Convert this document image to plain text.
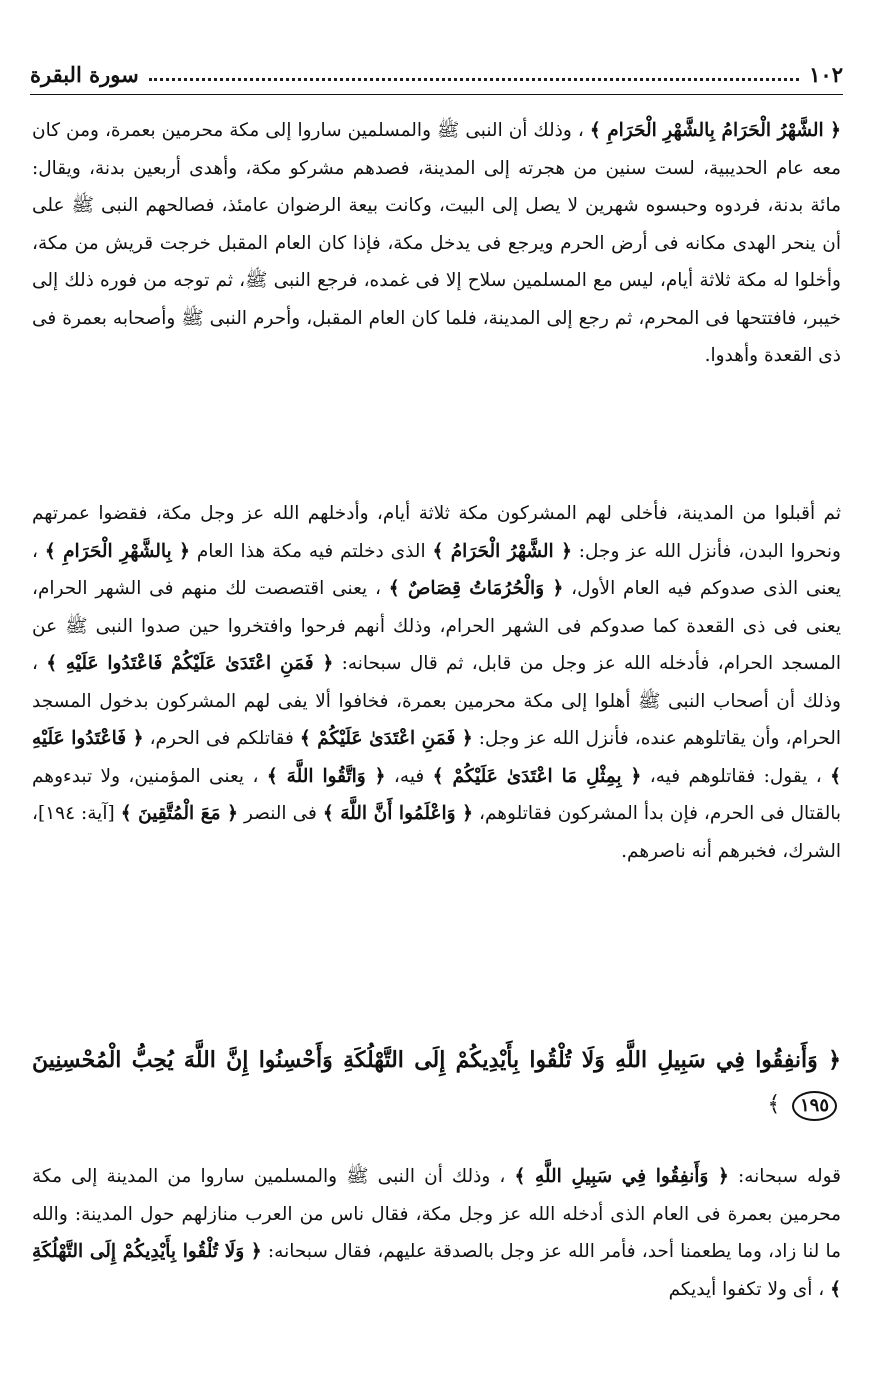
١٠٢
سورة البقرة

﴿ الشَّهْرُ الْحَرَامُ بِالشَّهْرِ الْحَرَامِ ﴾ ، وذلك أن النبى ﷺ والمسلمين ساروا إلى مكة محرمين بعمرة، ومن كان معه عام الحديبية، لست سنين من هجرته إلى المدينة، فصدهم مشركو مكة، وأهدى أربعين بدنة، ويقال: مائة بدنة، فردوه وحبسوه شهرين لا يصل إلى البيت، وكانت بيعة الرضوان عامئذ، فصالحهم النبى ﷺ على أن ينحر الهدى مكانه فى أرض الحرم ويرجع فى يدخل مكة، فإذا كان العام المقبل خرجت قريش من مكة، وأخلوا له مكة ثلاثة أيام، ليس مع المسلمين سلاح إلا فى غمده، فرجع النبى ﷺ، ثم توجه من فوره ذلك إلى خيبر، فافتتحها فى المحرم، ثم رجع إلى المدينة، فلما كان العام المقبل، وأحرم النبى ﷺ وأصحابه بعمرة فى ذى القعدة وأهدوا.

ثم أقبلوا من المدينة، فأخلى لهم المشركون مكة ثلاثة أيام، وأدخلهم الله عز وجل مكة، فقضوا عمرتهم ونحروا البدن، فأنزل الله عز وجل: ﴿ الشَّهْرُ الْحَرَامُ ﴾ الذى دخلتم فيه مكة هذا العام ﴿ بِالشَّهْرِ الْحَرَامِ ﴾ ، يعنى الذى صدوكم فيه العام الأول، ﴿ وَالْحُرُمَاتُ قِصَاصٌ ﴾ ، يعنى اقتصصت لك منهم فى الشهر الحرام، يعنى فى ذى القعدة كما صدوكم فى الشهر الحرام، وذلك أنهم فرحوا وافتخروا حين صدوا النبى ﷺ عن المسجد الحرام، فأدخله الله عز وجل من قابل، ثم قال سبحانه: ﴿ فَمَنِ اعْتَدَىٰ عَلَيْكُمْ فَاعْتَدُوا عَلَيْهِ ﴾ ، وذلك أن أصحاب النبى ﷺ أهلوا إلى مكة محرمين بعمرة، فخافوا ألا يفى لهم المشركون بدخول المسجد الحرام، وأن يقاتلوهم عنده، فأنزل الله عز وجل: ﴿ فَمَنِ اعْتَدَىٰ عَلَيْكُمْ ﴾ فقاتلكم فى الحرم، ﴿ فَاعْتَدُوا عَلَيْهِ ﴾ ، يقول: فقاتلوهم فيه، ﴿ بِمِثْلِ مَا اعْتَدَىٰ عَلَيْكُمْ ﴾ فيه، ﴿ وَاتَّقُوا اللَّهَ ﴾ ، يعنى المؤمنين، ولا تبدءوهم بالقتال فى الحرم، فإن بدأ المشركون فقاتلوهم، ﴿ وَاعْلَمُوا أَنَّ اللَّهَ ﴾ فى النصر ﴿ مَعَ الْمُتَّقِينَ ﴾ [آية: ١٩٤]، الشرك، فخبرهم أنه ناصرهم.

﴿ وَأَنفِقُوا فِي سَبِيلِ اللَّهِ وَلَا تُلْقُوا بِأَيْدِيكُمْ إِلَى التَّهْلُكَةِ وَأَحْسِنُوا إِنَّ اللَّهَ يُحِبُّ الْمُحْسِنِينَ ١٩٥ ﴾

قوله سبحانه: ﴿ وَأَنفِقُوا فِي سَبِيلِ اللَّهِ ﴾ ، وذلك أن النبى ﷺ والمسلمين ساروا من المدينة إلى مكة محرمين بعمرة فى العام الذى أدخله الله عز وجل مكة، فقال ناس من العرب منازلهم حول المدينة: والله ما لنا زاد، وما يطعمنا أحد، فأمر الله عز وجل بالصدقة عليهم، فقال سبحانه: ﴿ وَلَا تُلْقُوا بِأَيْدِيكُمْ إِلَى التَّهْلُكَةِ ﴾ ، أى ولا تكفوا أيديكم
